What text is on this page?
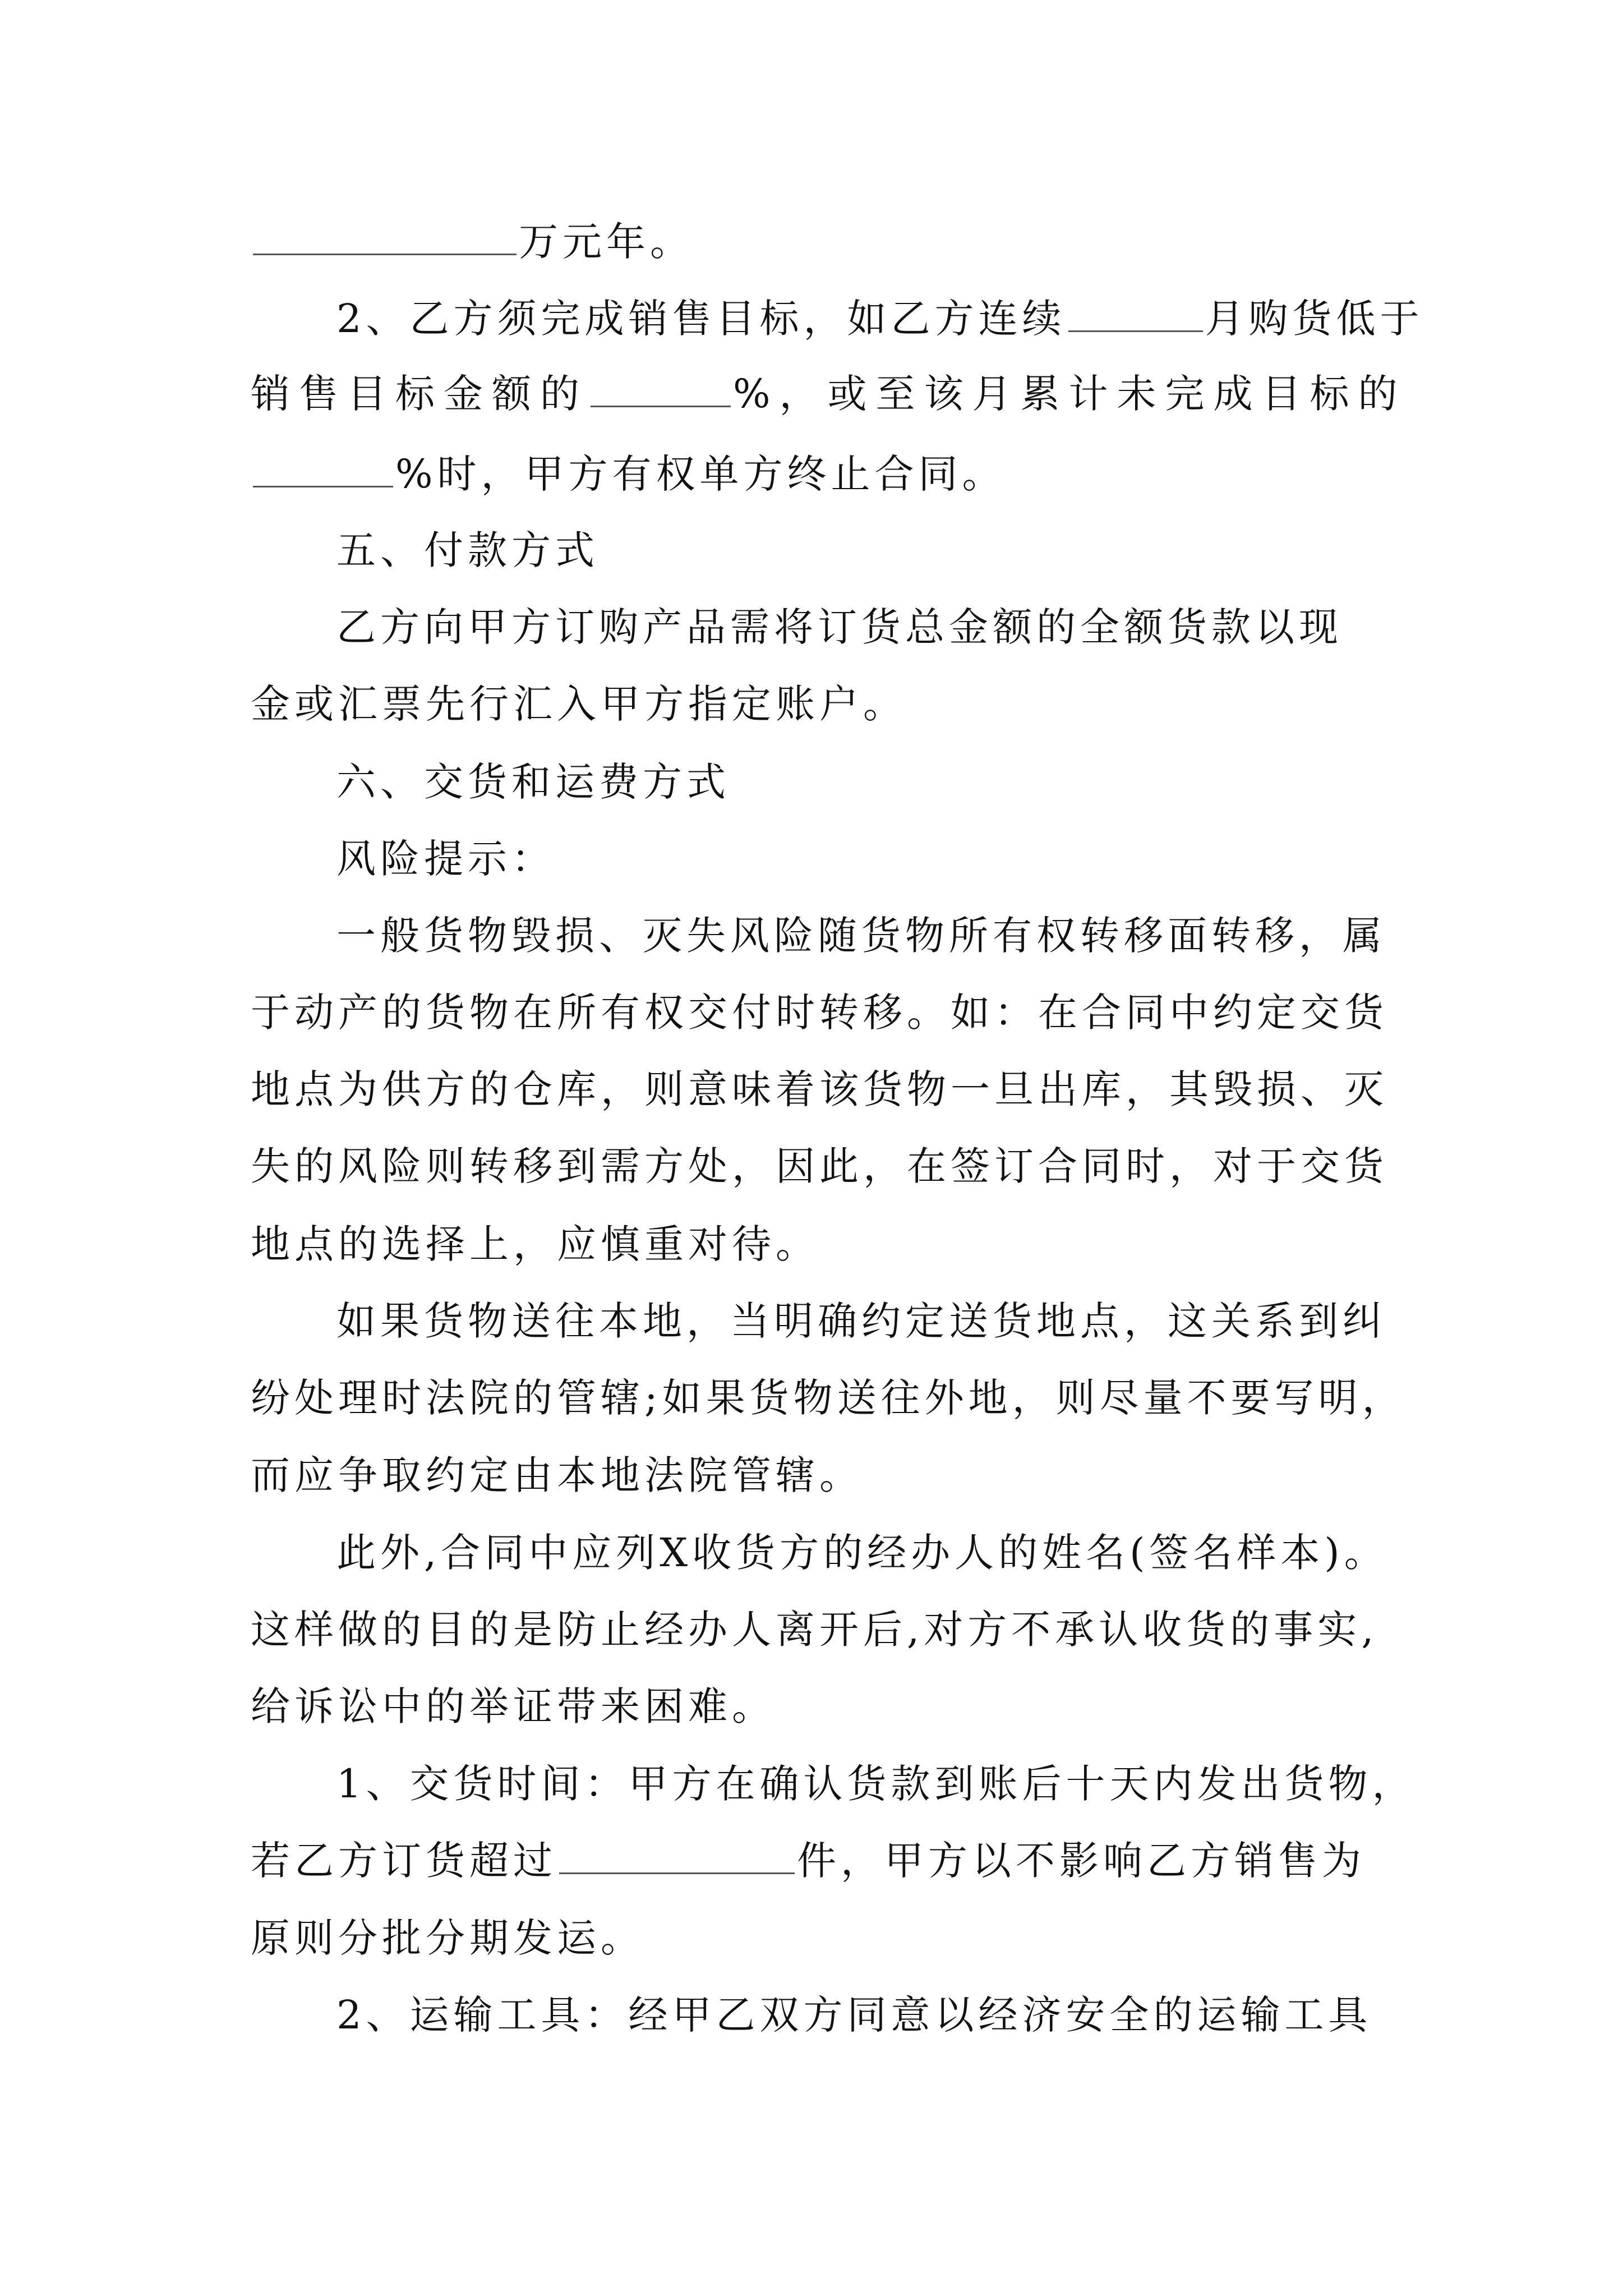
万元年。
2、乙方须完成销售目标，如乙方连续	月购货低于
销售目标金额的	%，或至该月累计未完成目标的
%时，甲方有权单方终止合同。
五、付款方式
乙方向甲方订购产品需将订货总金额的全额货款以现
金或汇票先行汇入甲方指定账户。
六、交货和运费方式
风险提示：
一般货物毁损、灭失风险随货物所有权转移面转移，属
于动产的货物在所有权交付时转移。如：在合同中约定交货
地点为供方的仓库，则意味着该货物一旦出库，其毁损、灭
失的风险则转移到需方处，因此，在签订合同时，对于交货
地点的选择上，应慎重对待。
如果货物送往本地，当明确约定送货地点，这关系到纠
纷处理时法院的管辖;如果货物送往外地，则尽量不要写明，
而应争取约定由本地法院管辖。
此外,合同中应列X收货方的经办人的姓名(签名样本)。
这样做的目的是防止经办人离开后,对方不承认收货的事实,
给诉讼中的举证带来困难。
1、交货时间：甲方在确认货款到账后十天内发出货物，
若乙方订货超过	件，甲方以不影响乙方销售为
原则分批分期发运。
2、运输工具：经甲乙双方同意以经济安全的运输工具
